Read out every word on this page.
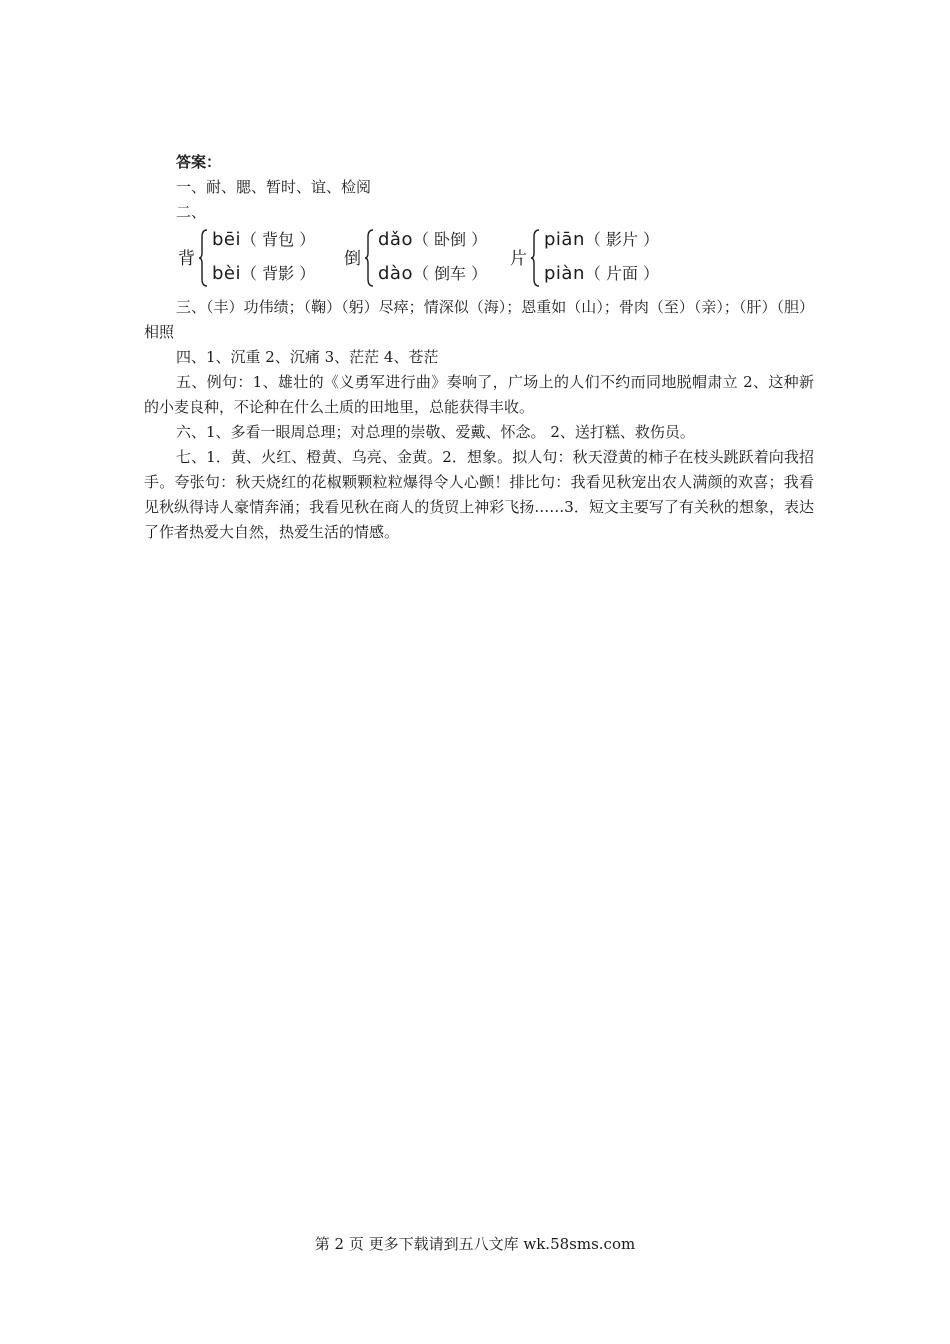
答案：
一、耐、腮、暂时、谊、检阅
二、
背
bēi（ 背包 ）
bèi（ 背影 ）
倒
dǎo（ 卧倒 ）
dào（ 倒车 ）
片
piān（ 影片 ）
piàn（ 片面 ）
三、（丰）功伟绩；（鞠）（躬）尽瘁；情深似（海）；恩重如（山）；骨肉（至）（亲）；（肝）（胆）相照
四、1、沉重 2、沉痛 3、茫茫 4、苍茫
五、例句：1、雄壮的《义勇军进行曲》奏响了，广场上的人们不约而同地脱帽肃立 2、这种新的小麦良种，不论种在什么土质的田地里，总能获得丰收。
六、1、多看一眼周总理；对总理的崇敬、爱戴、怀念。 2、送打糕、救伤员。
七、1．黄、火红、橙黄、乌亮、金黄。2．想象。拟人句：秋天澄黄的柿子在枝头跳跃着向我招手。夸张句：秋天烧红的花椒颗颗粒粒爆得令人心颤！排比句：我看见秋宠出农人满颜的欢喜；我看见秋纵得诗人豪情奔涌；我看见秋在商人的货贸上神彩飞扬……3．短文主要写了有关秋的想象，表达了作者热爱大自然，热爱生活的情感。
第 2 页 更多下载请到五八文库 wk.58sms.com
